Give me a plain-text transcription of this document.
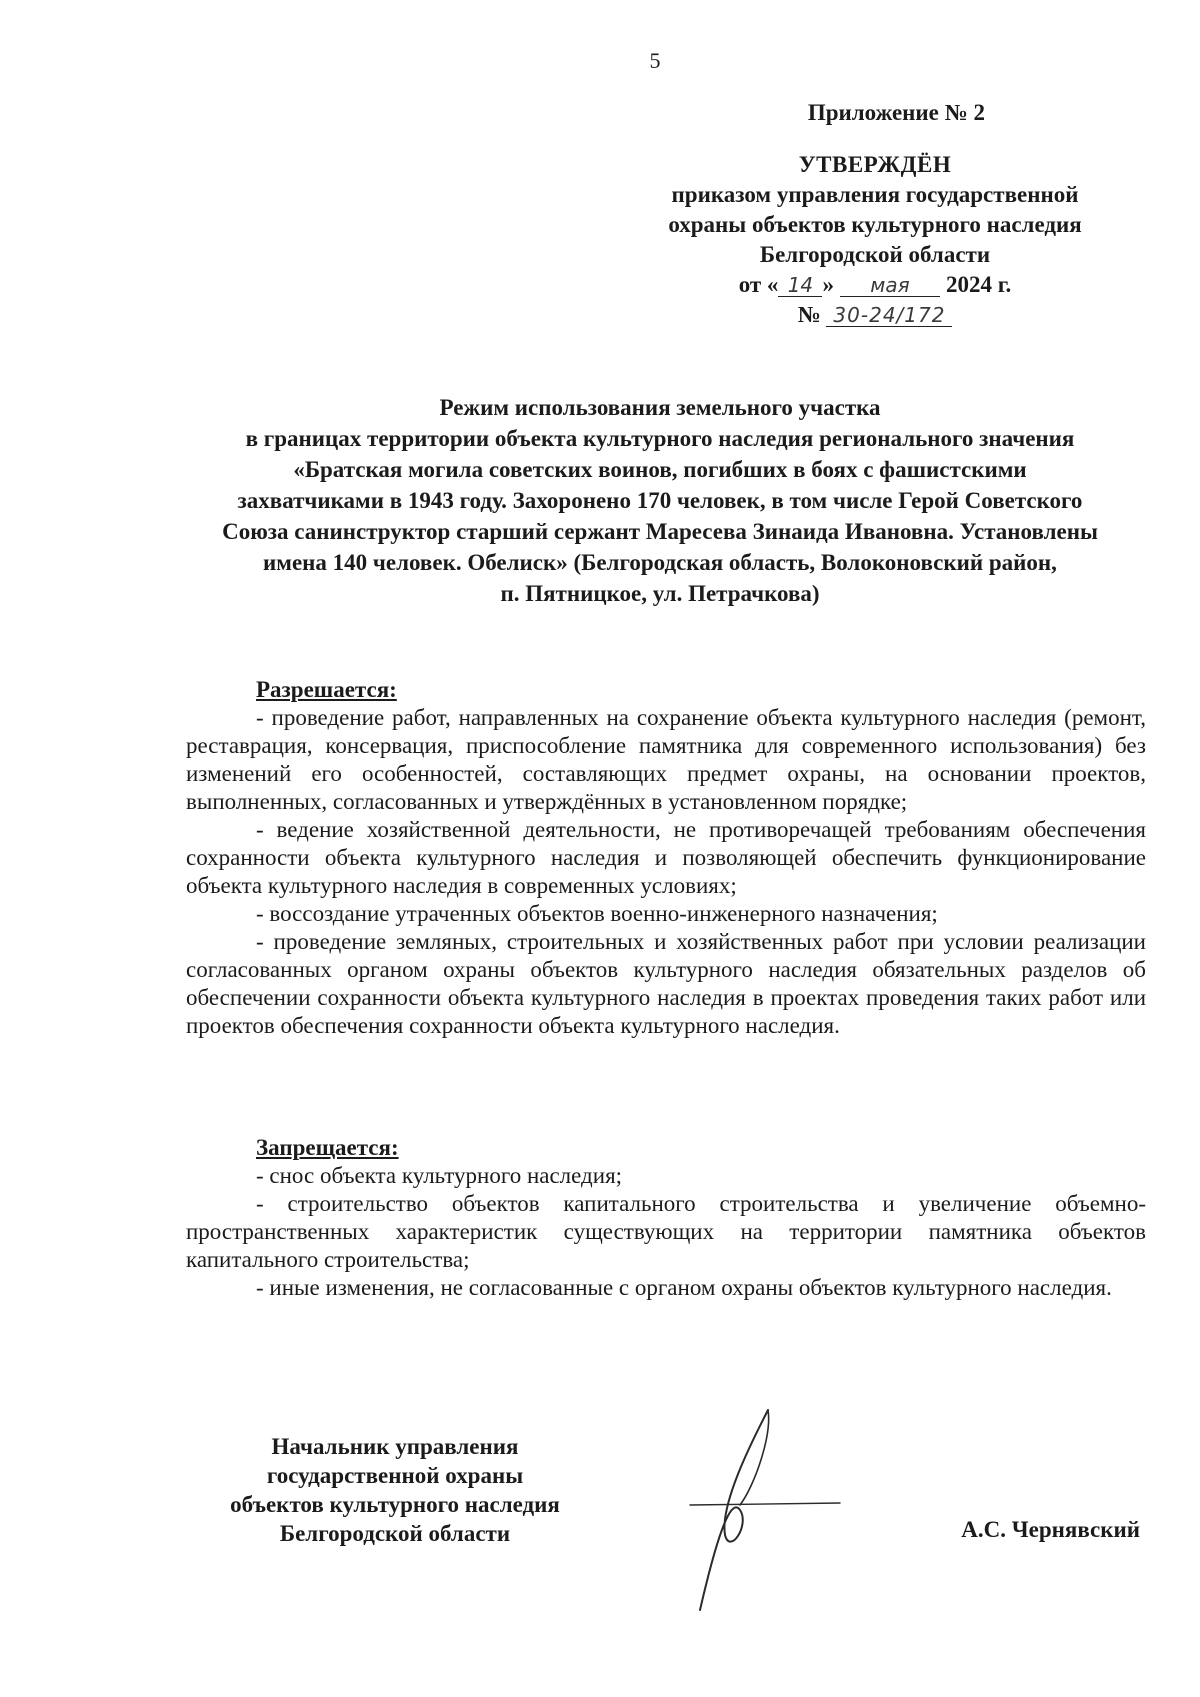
5
Приложение № 2
УТВЕРЖДЁН
приказом управления государственной
охраны объектов культурного наследия
Белгородской области
от « 14 » мая 2024 г.
№ 30-24/172
Режим использования земельного участка
в границах территории объекта культурного наследия регионального значения
«Братская могила советских воинов, погибших в боях с фашистскими
захватчиками в 1943 году. Захоронено 170 человек, в том числе Герой Советского
Союза санинструктор старший сержант Маресева Зинаида Ивановна. Установлены
имена 140 человек. Обелиск» (Белгородская область, Волоконовский район,
п. Пятницкое, ул. Петрачкова)
Разрешается:

- проведение работ, направленных на сохранение объекта культурного наследия (ремонт, реставрация, консервация, приспособление памятника для современного использования) без изменений его особенностей, составляющих предмет охраны, на основании проектов, выполненных, согласованных и утверждённых в установленном порядке;

- ведение хозяйственной деятельности, не противоречащей требованиям обеспечения сохранности объекта культурного наследия и позволяющей обеспечить функционирование объекта культурного наследия в современных условиях;

- воссоздание утраченных объектов военно-инженерного назначения;

- проведение земляных, строительных и хозяйственных работ при условии реализации согласованных органом охраны объектов культурного наследия обязательных разделов об обеспечении сохранности объекта культурного наследия в проектах проведения таких работ или проектов обеспечения сохранности объекта культурного наследия.

Запрещается:

- снос объекта культурного наследия;

- строительство объектов капитального строительства и увеличение объемно-пространственных характеристик существующих на территории памятника объектов капитального строительства;

- иные изменения, не согласованные с органом охраны объектов культурного наследия.

Начальник управления
государственной охраны
объектов культурного наследия
Белгородской области	А.С. Чернявский
